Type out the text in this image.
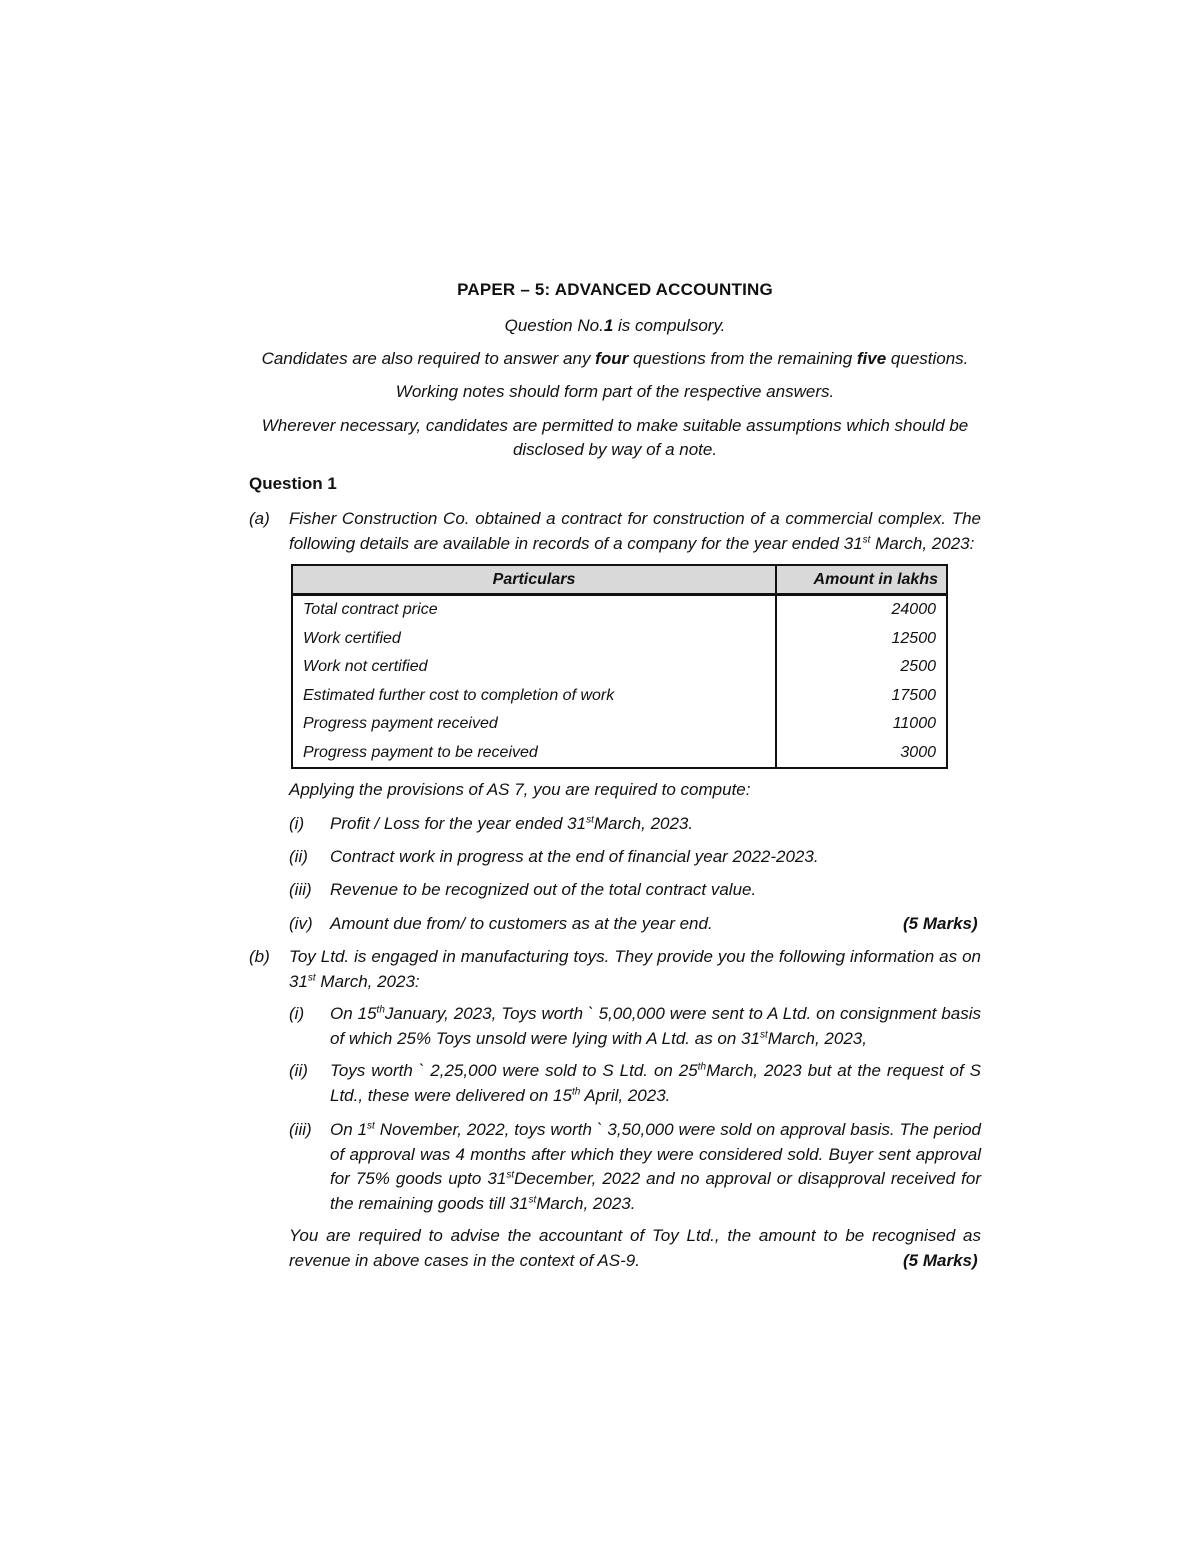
PAPER – 5: ADVANCED ACCOUNTING
Question No.1 is compulsory.
Candidates are also required to answer any four questions from the remaining five questions.
Working notes should form part of the respective answers.
Wherever necessary, candidates are permitted to make suitable assumptions which should be
disclosed by way of a note.
Question 1
(a) Fisher Construction Co. obtained a contract for construction of a commercial complex. The following details are available in records of a company for the year ended 31st March, 2023:
Particulars	Amount in lakhs
Total contract price	24000
Work certified	12500
Work not certified	2500
Estimated further cost to completion of work	17500
Progress payment received	11000
Progress payment to be received	3000
Applying the provisions of AS 7, you are required to compute:
(i) Profit / Loss for the year ended 31stMarch, 2023.
(ii) Contract work in progress at the end of financial year 2022-2023.
(iii) Revenue to be recognized out of the total contract value.
(iv) Amount due from/ to customers as at the year end.	(5 Marks)
(b) Toy Ltd. is engaged in manufacturing toys. They provide you the following information as on 31st March, 2023:
(i) On 15thJanuary, 2023, Toys worth ` 5,00,000 were sent to A Ltd. on consignment basis of which 25% Toys unsold were lying with A Ltd. as on 31stMarch, 2023,
(ii) Toys worth ` 2,25,000 were sold to S Ltd. on 25thMarch, 2023 but at the request of S Ltd., these were delivered on 15th April, 2023.
(iii) On 1st November, 2022, toys worth ` 3,50,000 were sold on approval basis. The period of approval was 4 months after which they were considered sold. Buyer sent approval for 75% goods upto 31stDecember, 2022 and no approval or disapproval received for the remaining goods till 31stMarch, 2023.
You are required to advise the accountant of Toy Ltd., the amount to be recognised as revenue in above cases in the context of AS-9.	(5 Marks)
